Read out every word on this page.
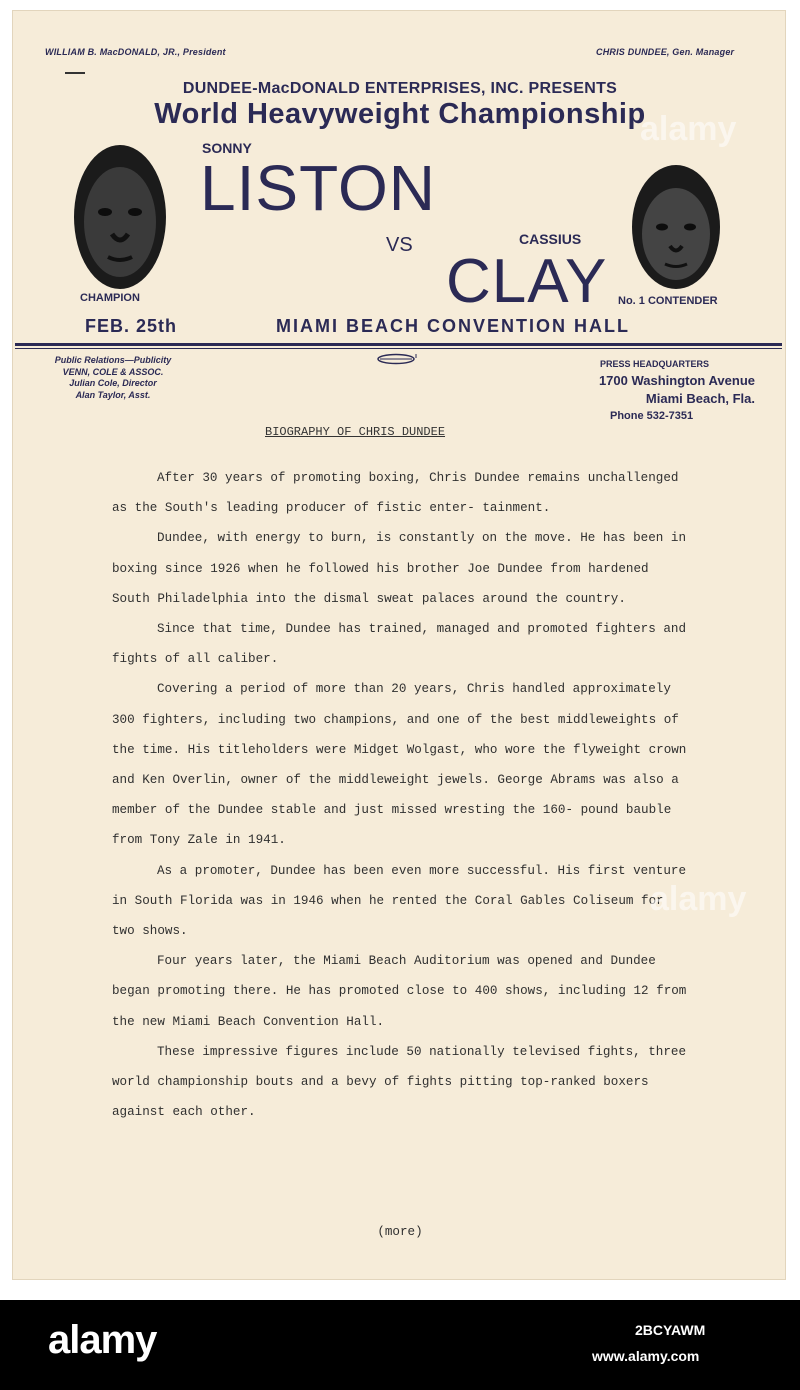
WILLIAM B. MacDONALD, JR., President	CHRIS DUNDEE, Gen. Manager
DUNDEE-MacDONALD ENTERPRISES, INC. PRESENTS
World Heavyweight Championship
SONNY
LISTON
VS	CASSIUS
CLAY
CHAMPION	No. 1 CONTENDER
FEB. 25th	MIAMI BEACH CONVENTION HALL
Public Relations—Publicity
VENN, COLE & ASSOC.
Julian Cole, Director
Alan Taylor, Asst.
PRESS HEADQUARTERS
1700 Washington Avenue
Miami Beach, Fla.
Phone 532-7351
BIOGRAPHY OF CHRIS DUNDEE

After 30 years of promoting boxing, Chris Dundee remains unchallenged as the South's leading producer of fistic enter- tainment.

Dundee, with energy to burn, is constantly on the move. He has been in boxing since 1926 when he followed his brother Joe Dundee from hardened South Philadelphia into the dismal sweat palaces around the country.

Since that time, Dundee has trained, managed and promoted fighters and fights of all caliber.

Covering a period of more than 20 years, Chris handled approximately 300 fighters, including two champions, and one of the best middleweights of the time. His titleholders were Midget Wolgast, who wore the flyweight crown and Ken Overlin, owner of the middleweight jewels. George Abrams was also a member of the Dundee stable and just missed wresting the 160- pound bauble from Tony Zale in 1941.

As a promoter, Dundee has been even more successful. His first venture in South Florida was in 1946 when he rented the Coral Gables Coliseum for two shows.

Four years later, the Miami Beach Auditorium was opened and Dundee began promoting there. He has promoted close to 400 shows, including 12 from the new Miami Beach Convention Hall.

These impressive figures include 50 nationally televised fights, three world championship bouts and a bevy of fights pitting top-ranked boxers against each other.

(more)
alamy
alamy
alamy	2BCYAWM
www.alamy.com
